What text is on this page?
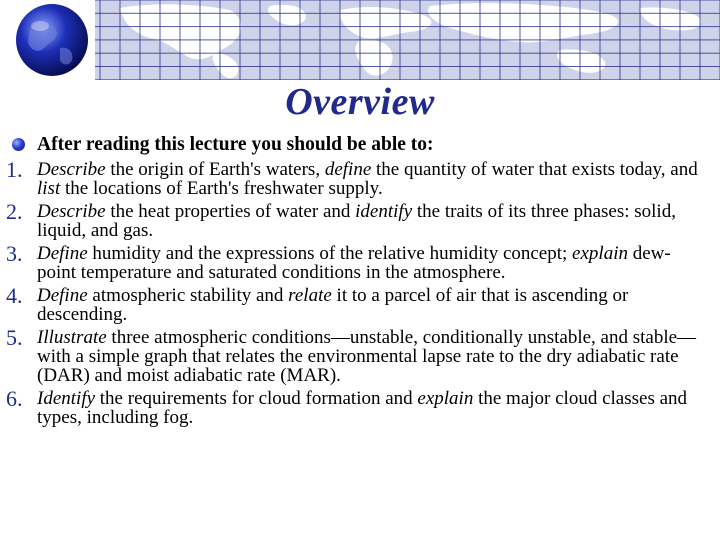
Overview
After reading this lecture you should be able to:
1. Describe the origin of Earth's waters, define the quantity of water that exists today, and list the locations of Earth's freshwater supply.
2. Describe the heat properties of water and identify the traits of its three phases: solid, liquid, and gas.
3. Define humidity and the expressions of the relative humidity concept; explain dew-point temperature and saturated conditions in the atmosphere.
4. Define atmospheric stability and relate it to a parcel of air that is ascending or descending.
5. Illustrate three atmospheric conditions—unstable, conditionally unstable, and stable—with a simple graph that relates the environmental lapse rate to the dry adiabatic rate (DAR) and moist adiabatic rate (MAR).
6. Identify the requirements for cloud formation and explain the major cloud classes and types, including fog.
